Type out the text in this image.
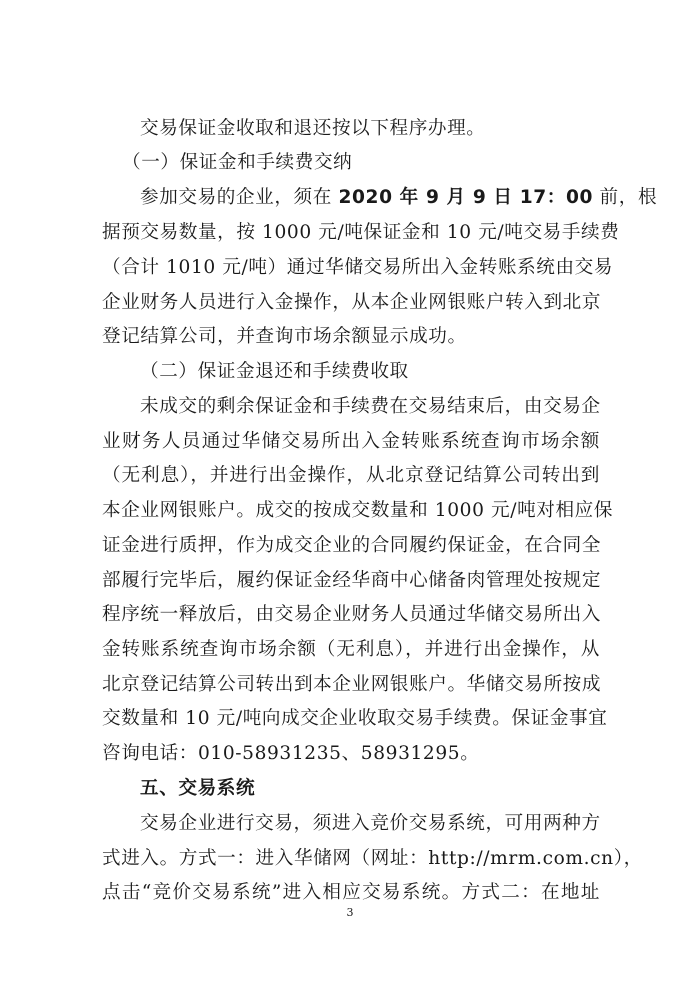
交易保证金收取和退还按以下程序办理。
（一）保证金和手续费交纳
参加交易的企业，须在 2020 年 9 月 9 日 17：00 前，根
据预交易数量，按 1000 元/吨保证金和 10 元/吨交易手续费
（合计 1010 元/吨）通过华储交易所出入金转账系统由交易
企业财务人员进行入金操作，从本企业网银账户转入到北京
登记结算公司，并查询市场余额显示成功。
（二）保证金退还和手续费收取
未成交的剩余保证金和手续费在交易结束后，由交易企
业财务人员通过华储交易所出入金转账系统查询市场余额
（无利息），并进行出金操作，从北京登记结算公司转出到
本企业网银账户。成交的按成交数量和 1000 元/吨对相应保
证金进行质押，作为成交企业的合同履约保证金，在合同全
部履行完毕后，履约保证金经华商中心储备肉管理处按规定
程序统一释放后，由交易企业财务人员通过华储交易所出入
金转账系统查询市场余额（无利息），并进行出金操作，从
北京登记结算公司转出到本企业网银账户。华储交易所按成
交数量和 10 元/吨向成交企业收取交易手续费。保证金事宜
咨询电话：010-58931235、58931295。
五、交易系统
交易企业进行交易，须进入竞价交易系统，可用两种方
式进入。方式一：进入华储网（网址：http://mrm.com.cn），
点击“竞价交易系统”进入相应交易系统。方式二：在地址
3
